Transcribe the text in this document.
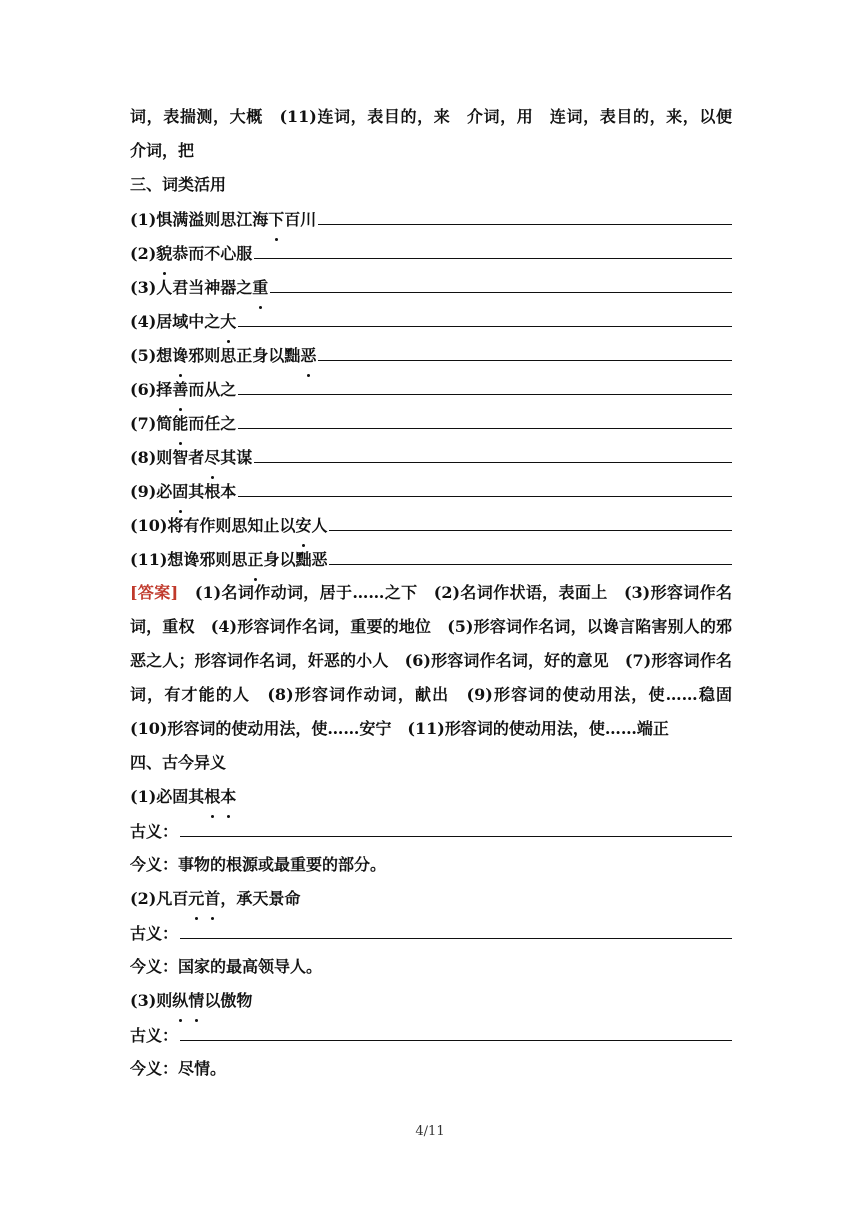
词，表揣测，大概　(11)连词，表目的，来　介词，用　连词，表目的，来，以便　介词，把
三、词类活用
(1)惧满溢则思江海 下 百川
(2) 貌 恭而不心服
(3)人君当神器之 重
(4)居域中之 大
(5)想 谗 邪则思正身以黜 恶
(6)择 善 而从之
(7)简 能 而任之
(8)则智者 尽 其谋
(9)必 固 其根本
(10)将有作则思知止以 安 人
(11)想谗邪则思 正 身以黜恶
[答案]　(1)名词作动词，居于……之下　(2)名词作状语，表面上　(3)形容词作名词，重权　(4)形容词作名词，重要的地位　(5)形容词作名词，以谗言陷害别人的邪恶之人；形容词作名词，奸恶的小人　(6)形容词作名词，好的意见　(7)形容词作名词，有才能的人　(8)形容词作动词，献出　(9)形容词的使动用法，使……稳固　(10)形容词的使动用法，使……安宁　(11)形容词的使动用法，使……端正
四、古今异义
(1)必固其根本
古义：
今义：事物的根源或最重要的部分。
(2)凡百元首，承天景命
古义：
今义：国家的最高领导人。
(3)则纵情以傲物
古义：
今义：尽情。
4/11
